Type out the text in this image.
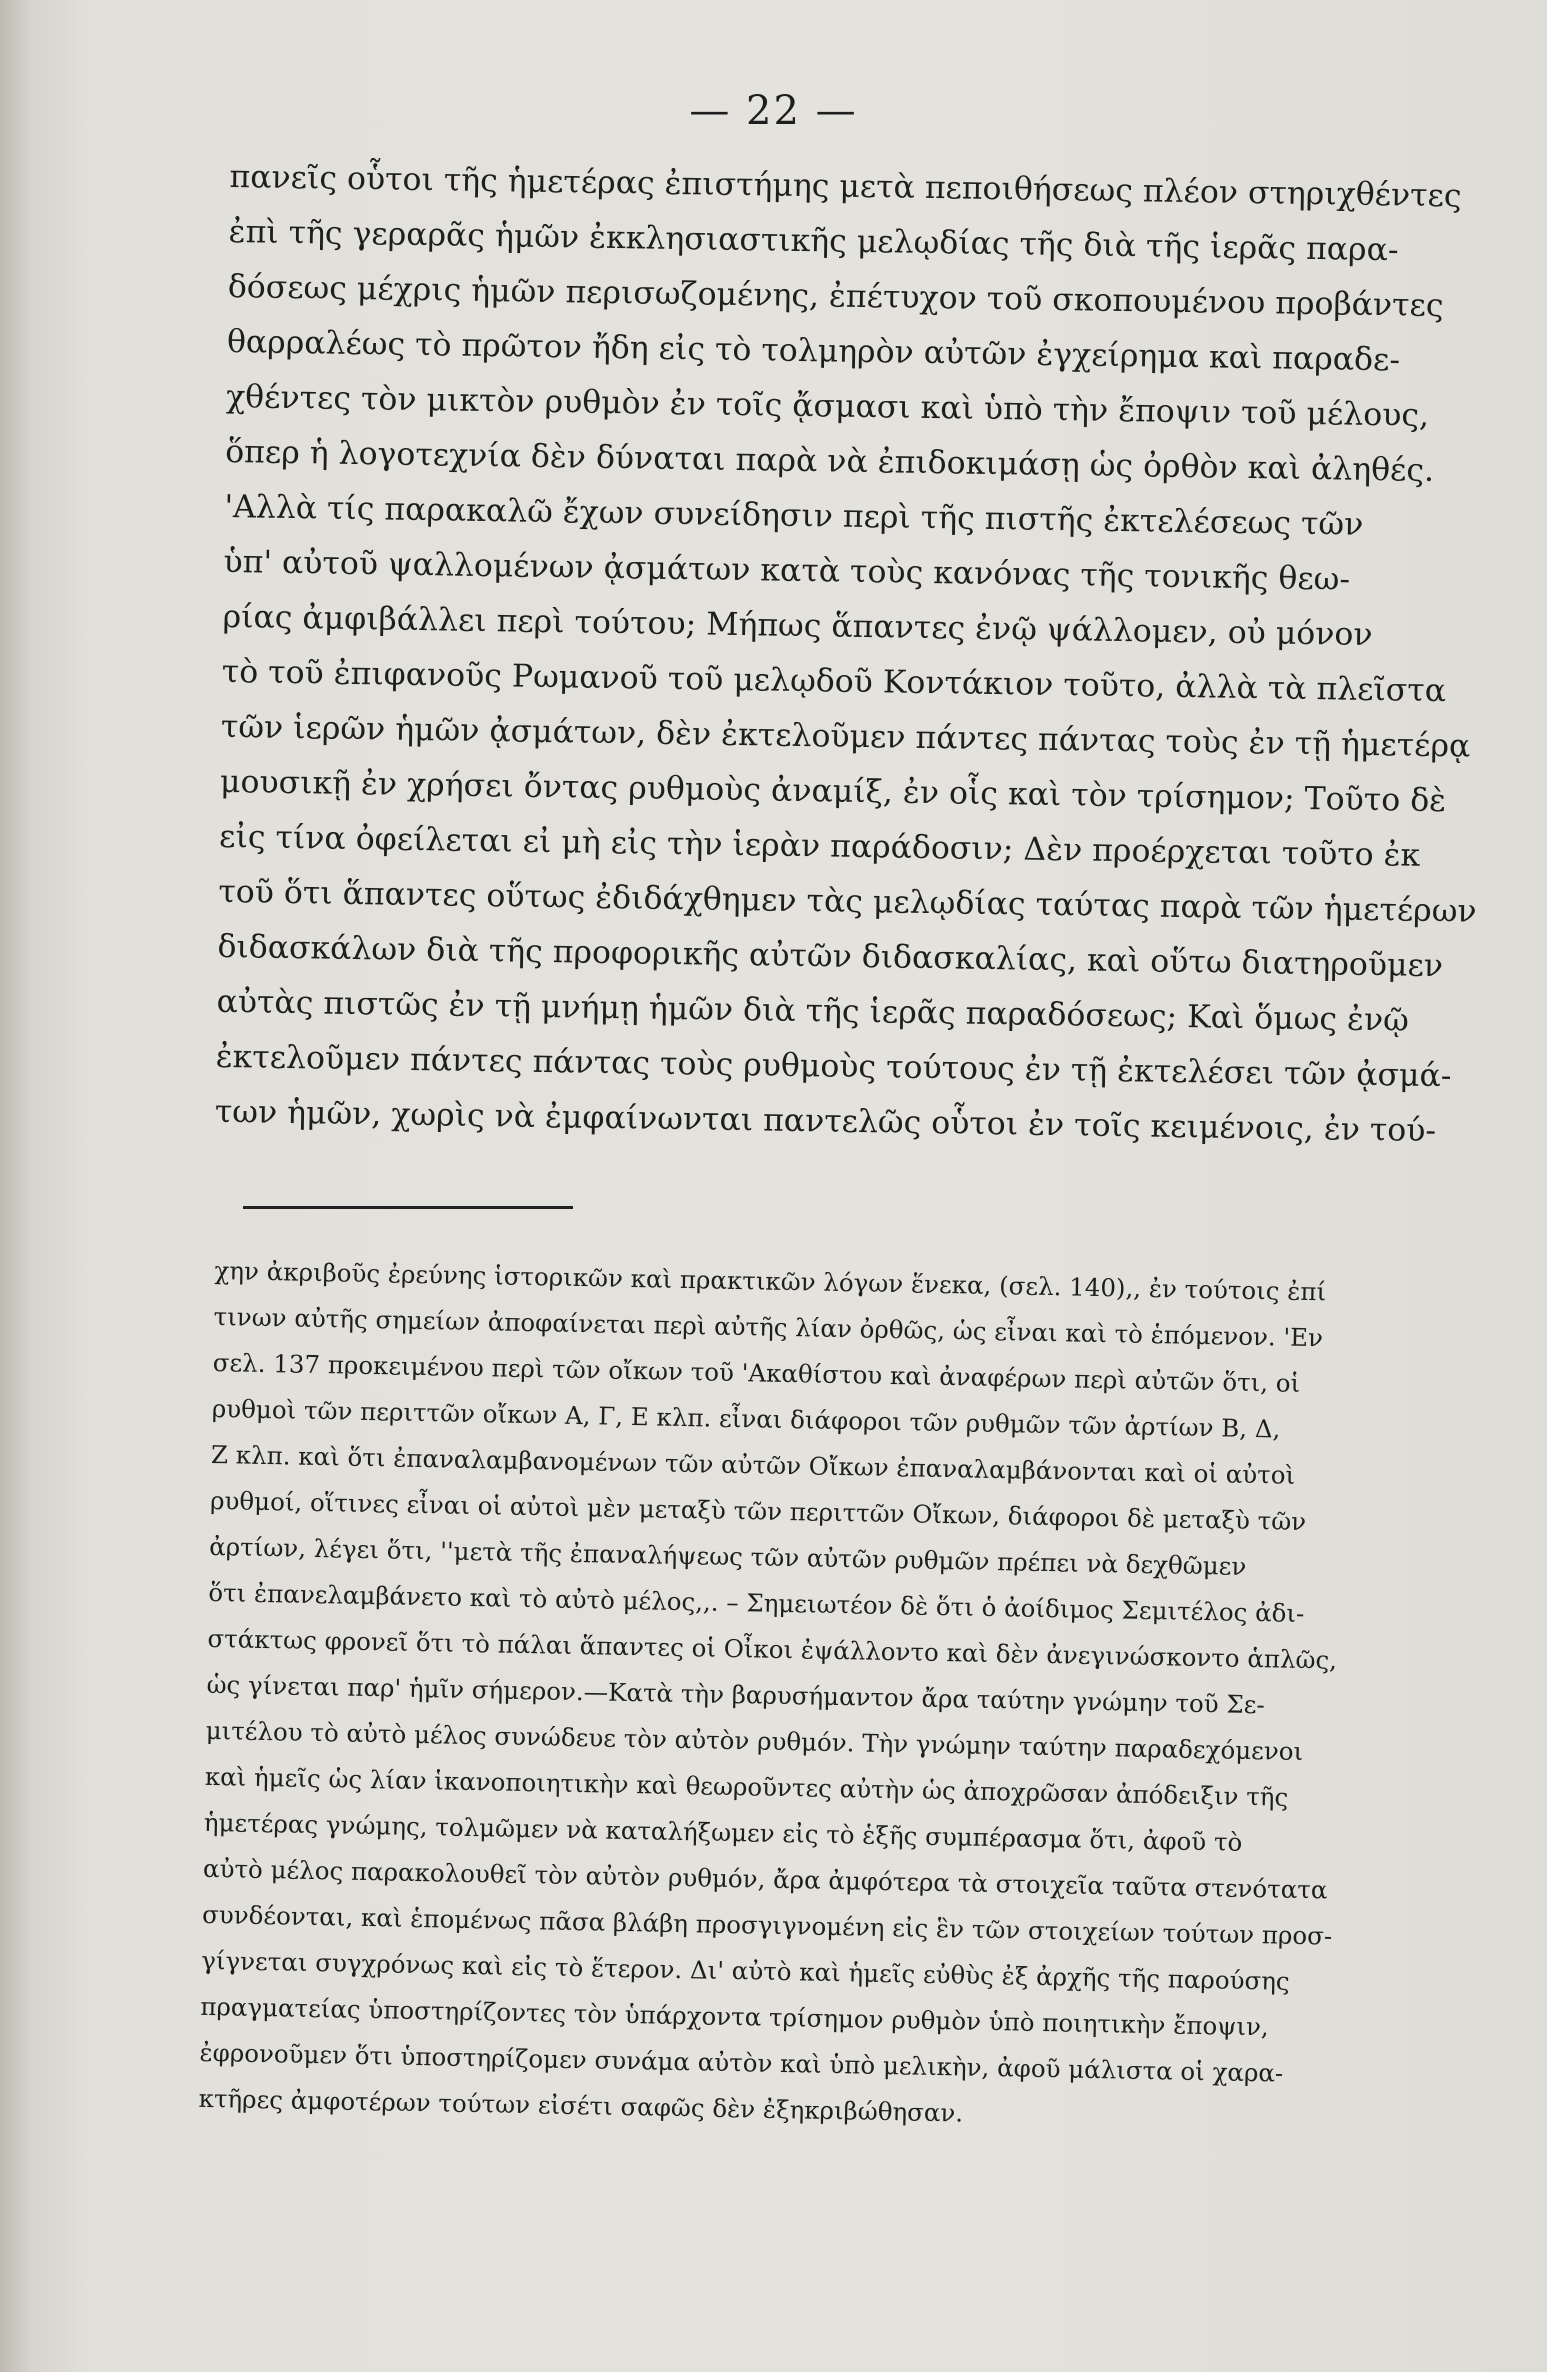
— 22 —
πανεῖς οὗτοι τῆς ἡμετέρας ἐπιστήμης μετὰ πεποιθήσεως πλέον στηριχθέντες
ἐπὶ τῆς γεραρᾶς ἡμῶν ἐκκλησιαστικῆς μελῳδίας τῆς διὰ τῆς ἱερᾶς παρα-
δόσεως μέχρις ἡμῶν περισωζομένης, ἐπέτυχον τοῦ σκοπουμένου προβάντες
θαρραλέως τὸ πρῶτον ἤδη εἰς τὸ τολμηρὸν αὐτῶν ἐγχείρημα καὶ παραδε-
χθέντες τὸν μικτὸν ρυθμὸν ἐν τοῖς ᾄσμασι καὶ ὑπὸ τὴν ἔποψιν τοῦ μέλους,
ὅπερ ἡ λογοτεχνία δὲν δύναται παρὰ νὰ ἐπιδοκιμάσῃ ὡς ὀρθὸν καὶ ἀληθές.
'Αλλὰ τίς παρακαλῶ ἔχων συνείδησιν περὶ τῆς πιστῆς ἐκτελέσεως τῶν
ὑπ' αὐτοῦ ψαλλομένων ᾀσμάτων κατὰ τοὺς κανόνας τῆς τονικῆς θεω-
ρίας ἀμφιβάλλει περὶ τούτου; Μήπως ἅπαντες ἐνῷ ψάλλομεν, οὐ μόνον
τὸ τοῦ ἐπιφανοῦς Ρωμανοῦ τοῦ μελῳδοῦ Κοντάκιον τοῦτο, ἀλλὰ τὰ πλεῖστα
τῶν ἱερῶν ἡμῶν ᾀσμάτων, δὲν ἐκτελοῦμεν πάντες πάντας τοὺς ἐν τῇ ἡμετέρᾳ
μουσικῇ ἐν χρήσει ὄντας ρυθμοὺς ἀναμίξ, ἐν οἷς καὶ τὸν τρίσημον; Τοῦτο δὲ
εἰς τίνα ὀφείλεται εἰ μὴ εἰς τὴν ἱερὰν παράδοσιν; Δὲν προέρχεται τοῦτο ἐκ
τοῦ ὅτι ἅπαντες οὕτως ἐδιδάχθημεν τὰς μελῳδίας ταύτας παρὰ τῶν ἡμετέρων
διδασκάλων διὰ τῆς προφορικῆς αὐτῶν διδασκαλίας, καὶ οὕτω διατηροῦμεν
αὐτὰς πιστῶς ἐν τῇ μνήμῃ ἡμῶν διὰ τῆς ἱερᾶς παραδόσεως; Καὶ ὅμως ἐνῷ
ἐκτελοῦμεν πάντες πάντας τοὺς ρυθμοὺς τούτους ἐν τῇ ἐκτελέσει τῶν ᾀσμά-
των ἡμῶν, χωρὶς νὰ ἐμφαίνωνται παντελῶς οὗτοι ἐν τοῖς κειμένοις, ἐν τού-
χην ἀκριβοῦς ἐρεύνης ἱστορικῶν καὶ πρακτικῶν λόγων ἕνεκα, (σελ. 140),, ἐν τούτοις ἐπί
τινων αὐτῆς σημείων ἀποφαίνεται περὶ αὐτῆς λίαν ὀρθῶς, ὡς εἶναι καὶ τὸ ἑπόμενον. 'Εν
σελ. 137 προκειμένου περὶ τῶν οἴκων τοῦ 'Ακαθίστου καὶ ἀναφέρων περὶ αὐτῶν ὅτι, οἱ
ρυθμοὶ τῶν περιττῶν οἴκων Α, Γ, Ε κλπ. εἶναι διάφοροι τῶν ρυθμῶν τῶν ἀρτίων Β, Δ,
Ζ κλπ. καὶ ὅτι ἐπαναλαμβανομένων τῶν αὐτῶν Οἴκων ἐπαναλαμβάνονται καὶ οἱ αὐτοὶ
ρυθμοί, οἵτινες εἶναι οἱ αὐτοὶ μὲν μεταξὺ τῶν περιττῶν Οἴκων, διάφοροι δὲ μεταξὺ τῶν
ἀρτίων, λέγει ὅτι, ''μετὰ τῆς ἐπαναλήψεως τῶν αὐτῶν ρυθμῶν πρέπει νὰ δεχθῶμεν
ὅτι ἐπανελαμβάνετο καὶ τὸ αὐτὸ μέλος,,. – Σημειωτέον δὲ ὅτι ὁ ἀοίδιμος Σεμιτέλος ἀδι-
στάκτως φρονεῖ ὅτι τὸ πάλαι ἅπαντες οἱ Οἶκοι ἐψάλλοντο καὶ δὲν ἀνεγινώσκοντο ἁπλῶς,
ὡς γίνεται παρ' ἡμῖν σήμερον.—Κατὰ τὴν βαρυσήμαντον ἄρα ταύτην γνώμην τοῦ Σε-
μιτέλου τὸ αὐτὸ μέλος συνώδευε τὸν αὐτὸν ρυθμόν. Τὴν γνώμην ταύτην παραδεχόμενοι
καὶ ἡμεῖς ὡς λίαν ἱκανοποιητικὴν καὶ θεωροῦντες αὐτὴν ὡς ἀποχρῶσαν ἀπόδειξιν τῆς
ἡμετέρας γνώμης, τολμῶμεν νὰ καταλήξωμεν εἰς τὸ ἑξῆς συμπέρασμα ὅτι, ἀφοῦ τὸ
αὐτὸ μέλος παρακολουθεῖ τὸν αὐτὸν ρυθμόν, ἄρα ἀμφότερα τὰ στοιχεῖα ταῦτα στενότατα
συνδέονται, καὶ ἑπομένως πᾶσα βλάβη προσγιγνομένη εἰς ἓν τῶν στοιχείων τούτων προσ-
γίγνεται συγχρόνως καὶ εἰς τὸ ἕτερον. Δι' αὐτὸ καὶ ἡμεῖς εὐθὺς ἐξ ἀρχῆς τῆς παρούσης
πραγματείας ὑποστηρίζοντες τὸν ὑπάρχοντα τρίσημον ρυθμὸν ὑπὸ ποιητικὴν ἔποψιν,
ἐφρονοῦμεν ὅτι ὑποστηρίζομεν συνάμα αὐτὸν καὶ ὑπὸ μελικὴν, ἀφοῦ μάλιστα οἱ χαρα-
κτῆρες ἀμφοτέρων τούτων εἰσέτι σαφῶς δὲν ἐξηκριβώθησαν.
